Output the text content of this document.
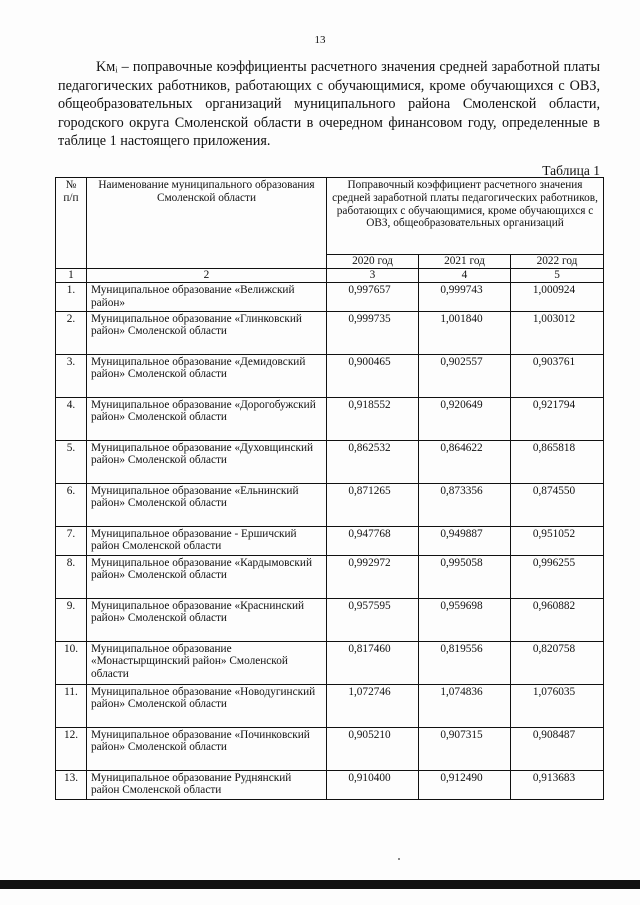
13
Kмᵢ – поправочные коэффициенты расчетного значения средней заработной платы педагогических работников, работающих с обучающимися, кроме обучающихся с ОВЗ, общеобразовательных организаций муниципального района Смоленской области, городского округа Смоленской области в очередном финансовом году, определенные в таблице 1 настоящего приложения.
Таблица 1
№ п/п	Наименование муниципального образования Смоленской области	Поправочный коэффициент расчетного значения средней заработной платы педагогических работников, работающих с обучающимися, кроме обучающихся с ОВЗ, общеобразовательных организаций		
		2020 год	2021 год	2022 год
1	2	3	4	5
1.	Муниципальное образование «Велижский район»	0,997657	0,999743	1,000924
2.	Муниципальное образование «Глинковский район» Смоленской области	0,999735	1,001840	1,003012
3.	Муниципальное образование «Демидовский район» Смоленской области	0,900465	0,902557	0,903761
4.	Муниципальное образование «Дорогобужский район» Смоленской области	0,918552	0,920649	0,921794
5.	Муниципальное образование «Духовщинский район» Смоленской области	0,862532	0,864622	0,865818
6.	Муниципальное образование «Ельнинский район» Смоленской области	0,871265	0,873356	0,874550
7.	Муниципальное образование - Ершичский район Смоленской области	0,947768	0,949887	0,951052
8.	Муниципальное образование «Кардымовский район» Смоленской области	0,992972	0,995058	0,996255
9.	Муниципальное образование «Краснинский район» Смоленской области	0,957595	0,959698	0,960882
10.	Муниципальное образование «Монастырщинский район» Смоленской области	0,817460	0,819556	0,820758
11.	Муниципальное образование «Новодугинский район» Смоленской области	1,072746	1,074836	1,076035
12.	Муниципальное образование «Починковский район» Смоленской области	0,905210	0,907315	0,908487
13.	Муниципальное образование Руднянский район Смоленской области	0,910400	0,912490	0,913683
